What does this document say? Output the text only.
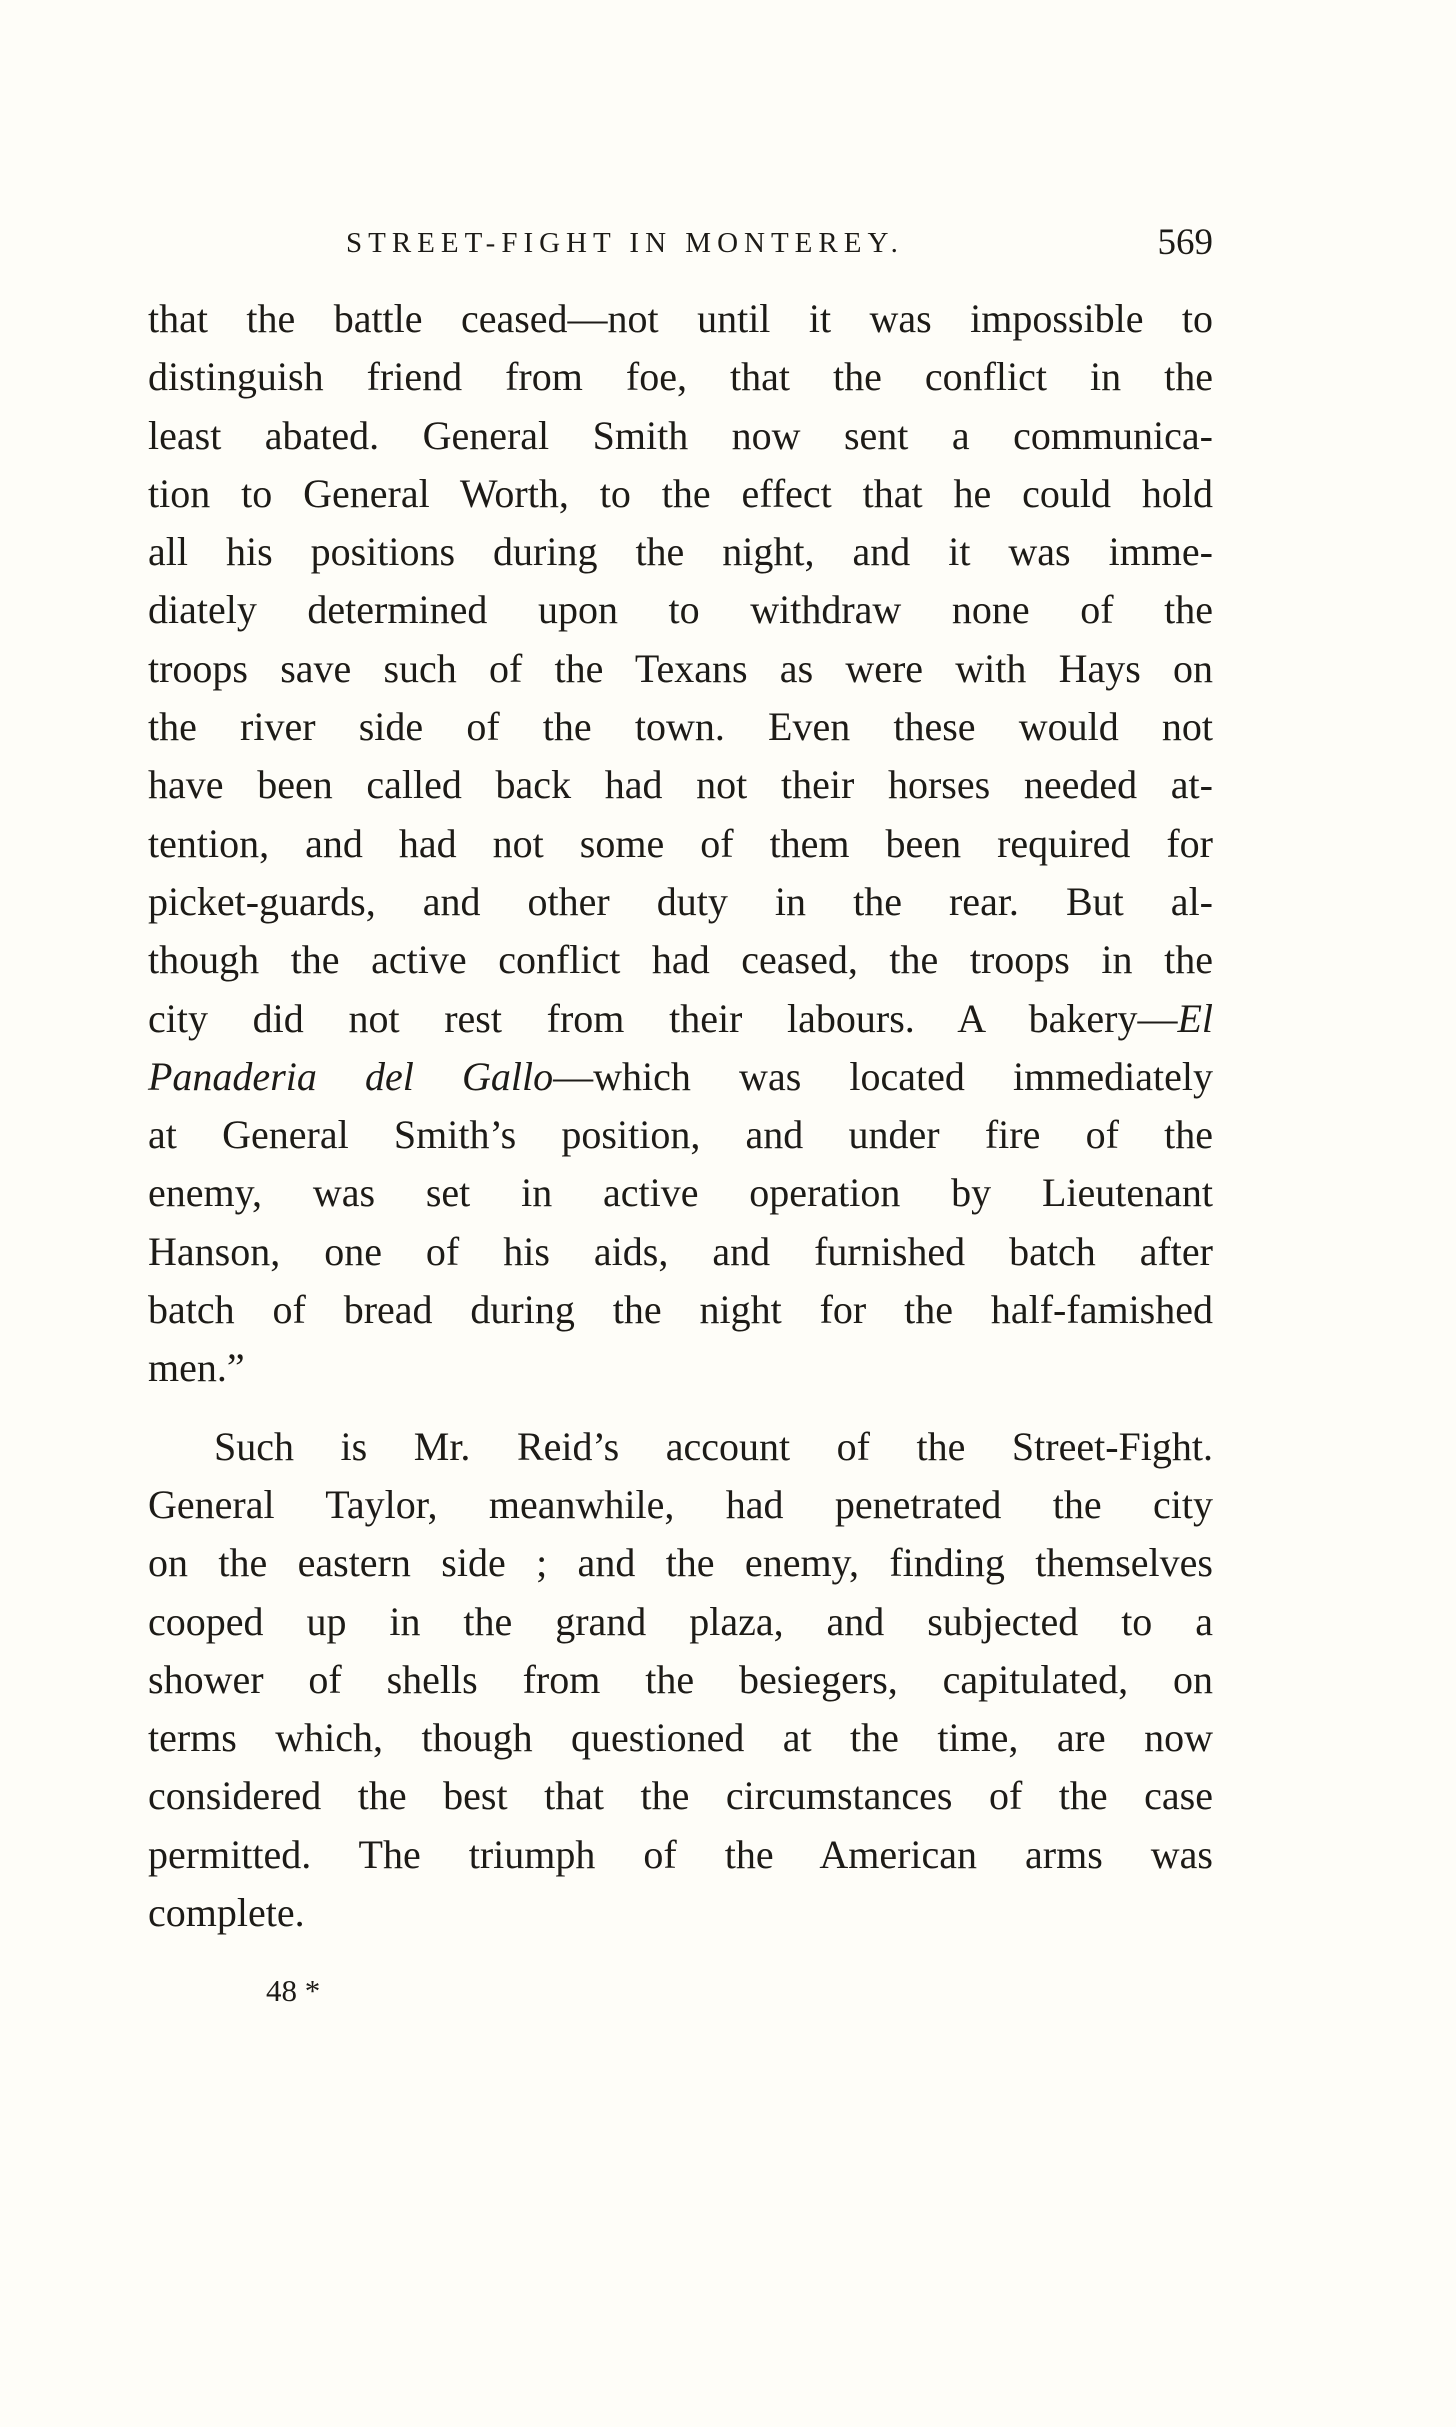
STREET-FIGHT IN MONTEREY.	569
that the battle ceased—not until it was impossible to
distinguish friend from foe, that the conflict in the
least abated. General Smith now sent a communica-
tion to General Worth, to the effect that he could hold
all his positions during the night, and it was imme-
diately determined upon to withdraw none of the
troops save such of the Texans as were with Hays on
the river side of the town. Even these would not
have been called back had not their horses needed at-
tention, and had not some of them been required for
picket-guards, and other duty in the rear. But al-
though the active conflict had ceased, the troops in the
city did not rest from their labours. A bakery—El
Panaderia del Gallo—which was located immediately
at General Smith’s position, and under fire of the
enemy, was set in active operation by Lieutenant
Hanson, one of his aids, and furnished batch after
batch of bread during the night for the half-famished
men.”
Such is Mr. Reid’s account of the Street-Fight.
General Taylor, meanwhile, had penetrated the city
on the eastern side ; and the enemy, finding themselves
cooped up in the grand plaza, and subjected to a
shower of shells from the besiegers, capitulated, on
terms which, though questioned at the time, are now
considered the best that the circumstances of the case
permitted. The triumph of the American arms was
complete.
48 *
